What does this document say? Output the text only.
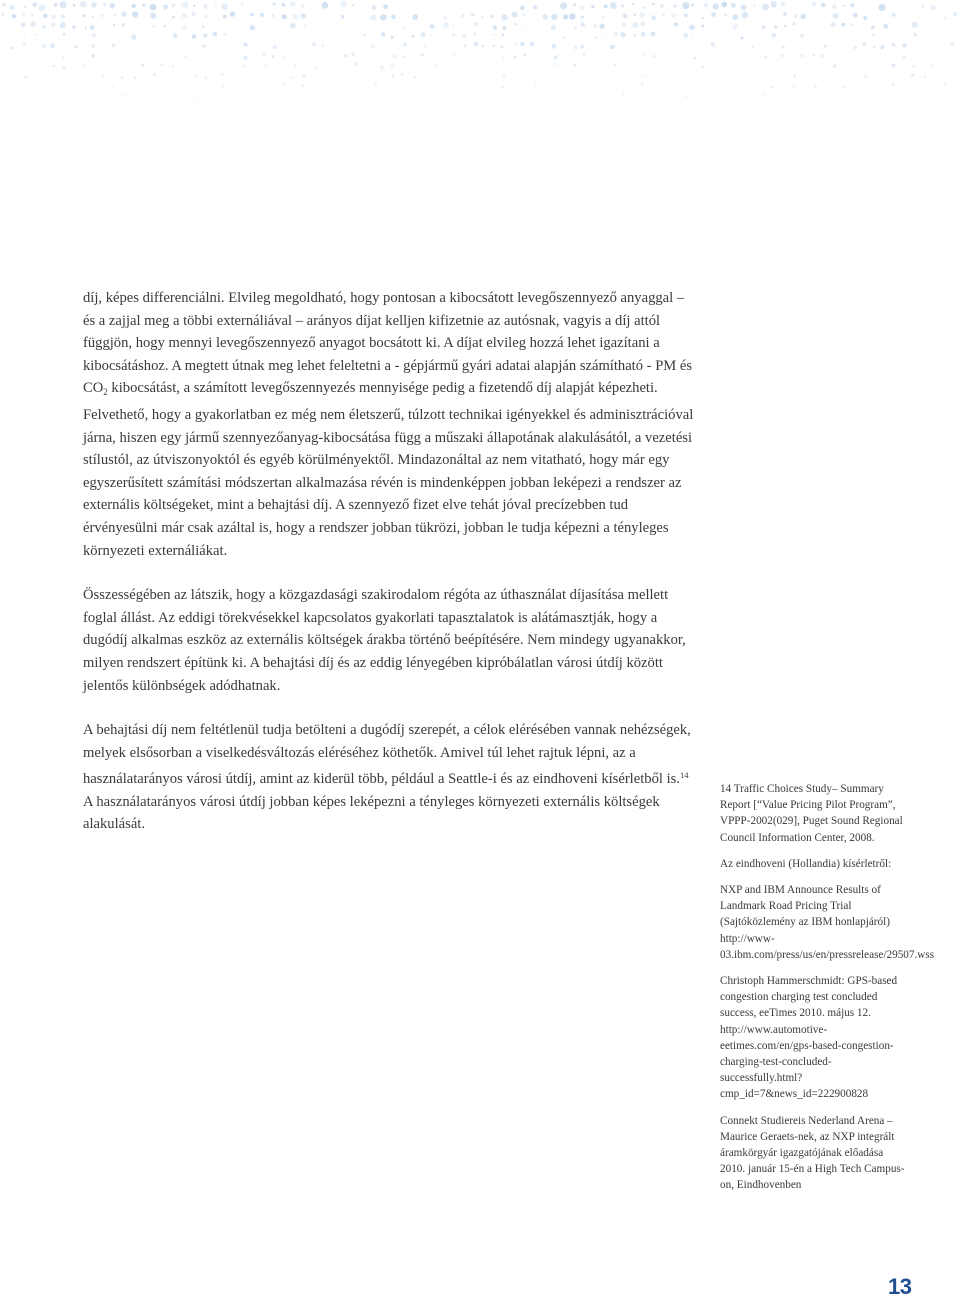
díj, képes differenciálni. Elvileg megoldható, hogy pontosan a kibocsátott levegőszennyező anyaggal – és a zajjal meg a többi externáliával – arányos díjat kelljen kifizetnie az autósnak, vagyis a díj attól függjön, hogy mennyi levegőszennyező anyagot bocsátott ki. A díjat elvileg hozzá lehet igazítani a kibocsátáshoz. A megtett útnak meg lehet feleltetni a - gépjármű gyári adatai alapján számítható - PM és $CO_2$ kibocsátást, a számított levegőszennyezés mennyisége pedig a fizetendő díj alapját képezheti. Felvethető, hogy a gyakorlatban ez még nem életszerű, túlzott technikai igényekkel és adminisztrációval járna, hiszen egy jármű szennyezőanyag-kibocsátása függ a műszaki állapotának alakulásától, a vezetési stílustól, az útviszonyoktól és egyéb körülményektől. Mindazonáltal az nem vitatható, hogy már egy egyszerűsített számítási módszertan alkalmazása révén is mindenképpen jobban leképezi a rendszer az externális költségeket, mint a behajtási díj. A szennyező fizet elve tehát jóval precízebben tud érvényesülni már csak azáltal is, hogy a rendszer jobban tükrözi, jobban le tudja képezni a tényleges környezeti externáliákat.

Összességében az látszik, hogy a közgazdasági szakirodalom régóta az úthasználat díjasítása mellett foglal állást. Az eddigi törekvésekkel kapcsolatos gyakorlati tapasztalatok is alátámasztják, hogy a dugódíj alkalmas eszköz az externális költségek árakba történő beépítésére. Nem mindegy ugyanakkor, milyen rendszert építünk ki. A behajtási díj és az eddig lényegében kipróbálatlan városi útdíj között jelentős különbségek adódhatnak.

A behajtási díj nem feltétlenül tudja betölteni a dugódíj szerepét, a célok elérésében vannak nehézségek, melyek elsősorban a viselkedésváltozás eléréséhez köthetők. Amivel túl lehet rajtuk lépni, az a használatarányos városi útdíj, amint az kiderül több, például a Seattle-i és az eindhoveni kísérletből is.$^{14}$ A használatarányos városi útdíj jobban képes leképezni a tényleges környezeti externális költségek alakulását.

14 Traffic Choices Study– Summary Report [“Value Pricing Pilot Program”, VPPP-2002(029], Puget Sound Regional Council Information Center, 2008.

Az eindhoveni (Hollandia) kísérletről:

NXP and IBM Announce Results of Landmark Road Pricing Trial (Sajtóközlemény az IBM honlapjáról) http://www-03.ibm.com/press/us/en/pressrelease/29507.wss

Christoph Hammerschmidt: GPS-based congestion charging test concluded success, eeTimes 2010. május 12. http://www.automotive-eetimes.com/en/gps-based-congestion-charging-test-concluded-successfully.html?cmp_id=7&news_id=222900828

Connekt Studiereis Nederland Arena – Maurice Geraets-nek, az NXP integrált áramkörgyár igazgatójának előadása 2010. január 15-én a High Tech Campus-on, Eindhovenben

13
